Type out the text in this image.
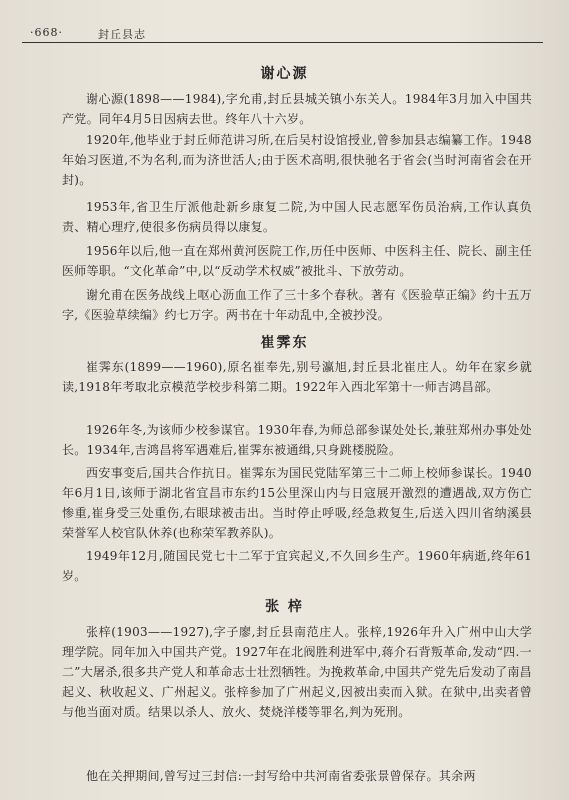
·668·	封丘县志
谢心源
谢心源(1898——1984),字允甫,封丘县城关镇小东关人。1984年3月加入中国共产党。同年4月5日因病去世。终年八十六岁。
1920年,他毕业于封丘师范讲习所,在后吴村设馆授业,曾参加县志编纂工作。1948年始习医道,不为名利,而为济世活人;由于医术高明,很快驰名于省会(当时河南省会在开封)。
1953年,省卫生厅派他赴新乡康复二院,为中国人民志愿军伤员治病,工作认真负责、精心理疗,使很多伤病员得以康复。
1956年以后,他一直在郑州黄河医院工作,历任中医师、中医科主任、院长、副主任医师等职。“文化革命”中,以“反动学术权威”被批斗、下放劳动。
谢允甫在医务战线上呕心沥血工作了三十多个春秋。著有《医验草正编》约十五万字,《医验草续编》约七万字。两书在十年动乱中,全被抄没。
崔霁东
崔霁东(1899——1960),原名崔奉先,别号瀛旭,封丘县北崔庄人。幼年在家乡就读,1918年考取北京模范学校步科第二期。1922年入西北军第十一师吉鸿昌部。
1926年冬,为该师少校参谋官。1930年春,为师总部参谋处处长,兼驻郑州办事处处长。1934年,吉鸿昌将军遇难后,崔霁东被通缉,只身跳楼脱险。
西安事变后,国共合作抗日。崔霁东为国民党陆军第三十二师上校师参谋长。1940年6月1日,该师于湖北省宜昌市东约15公里深山内与日寇展开激烈的遭遇战,双方伤亡惨重,崔身受三处重伤,右眼球被击出。当时停止呼吸,经急救复生,后送入四川省纳溪县荣誉军人校官队休养(也称荣军教养队)。
1949年12月,随国民党七十二军于宜宾起义,不久回乡生产。1960年病逝,终年61岁。
张 梓
张梓(1903——1927),字子廖,封丘县南范庄人。张梓,1926年升入广州中山大学理学院。同年加入中国共产党。1927年在北阀胜利进军中,蒋介石背叛革命,发动“四.一二”大屠杀,很多共产党人和革命志士壮烈牺牲。为挽救革命,中国共产党先后发动了南昌起义、秋收起义、广州起义。张梓参加了广州起义,因被出卖而入狱。在狱中,出卖者曾与他当面对质。结果以杀人、放火、焚烧洋楼等罪名,判为死刑。
他在关押期间,曾写过三封信:一封写给中共河南省委张景曾保存。其余两
